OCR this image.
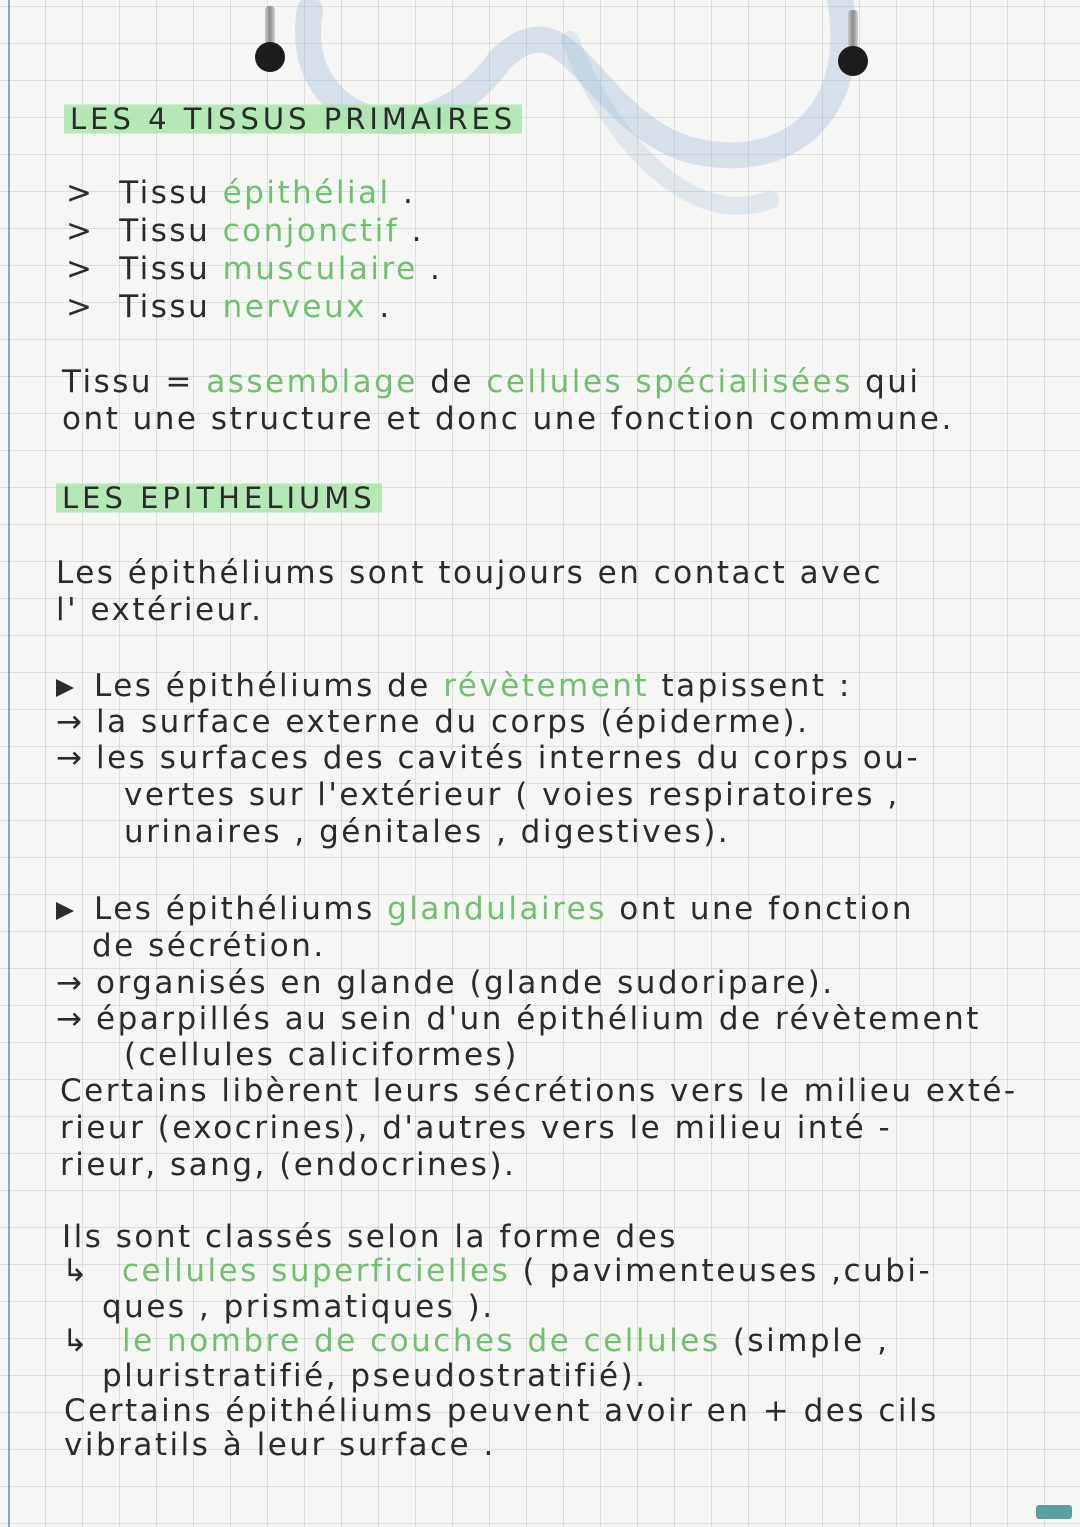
LES 4 TISSUS PRIMAIRES
>  Tissu épithélial .
>  Tissu conjonctif .
>  Tissu musculaire .
>  Tissu nerveux .
Tissu = assemblage de cellules spécialisées qui
ont une structure et donc une fonction commune.
LES EPITHELIUMS
Les épithéliums sont toujours en contact avec
l' extérieur.
Les épithéliums de révètement tapissent :
→ la surface externe du corps (épiderme).
→ les surfaces des cavités internes du corps ou-
vertes sur l'extérieur ( voies respiratoires ,
urinaires , génitales , digestives).
Les épithéliums glandulaires ont une fonction
de sécrétion.
→ organisés en glande (glande sudoripare).
→ éparpillés au sein d'un épithélium de révètement
(cellules caliciformes)
Certains libèrent leurs sécrétions vers le milieu exté-
rieur (exocrines), d'autres vers le milieu inté -
rieur, sang, (endocrines).
Ils sont classés selon la forme des
↳ cellules superficielles ( pavimenteuses ,cubi-
ques , prismatiques ).
↳ le nombre de couches de cellules (simple ,
pluristratifié, pseudostratifié).
Certains épithéliums peuvent avoir en + des cils
vibratils à leur surface .
